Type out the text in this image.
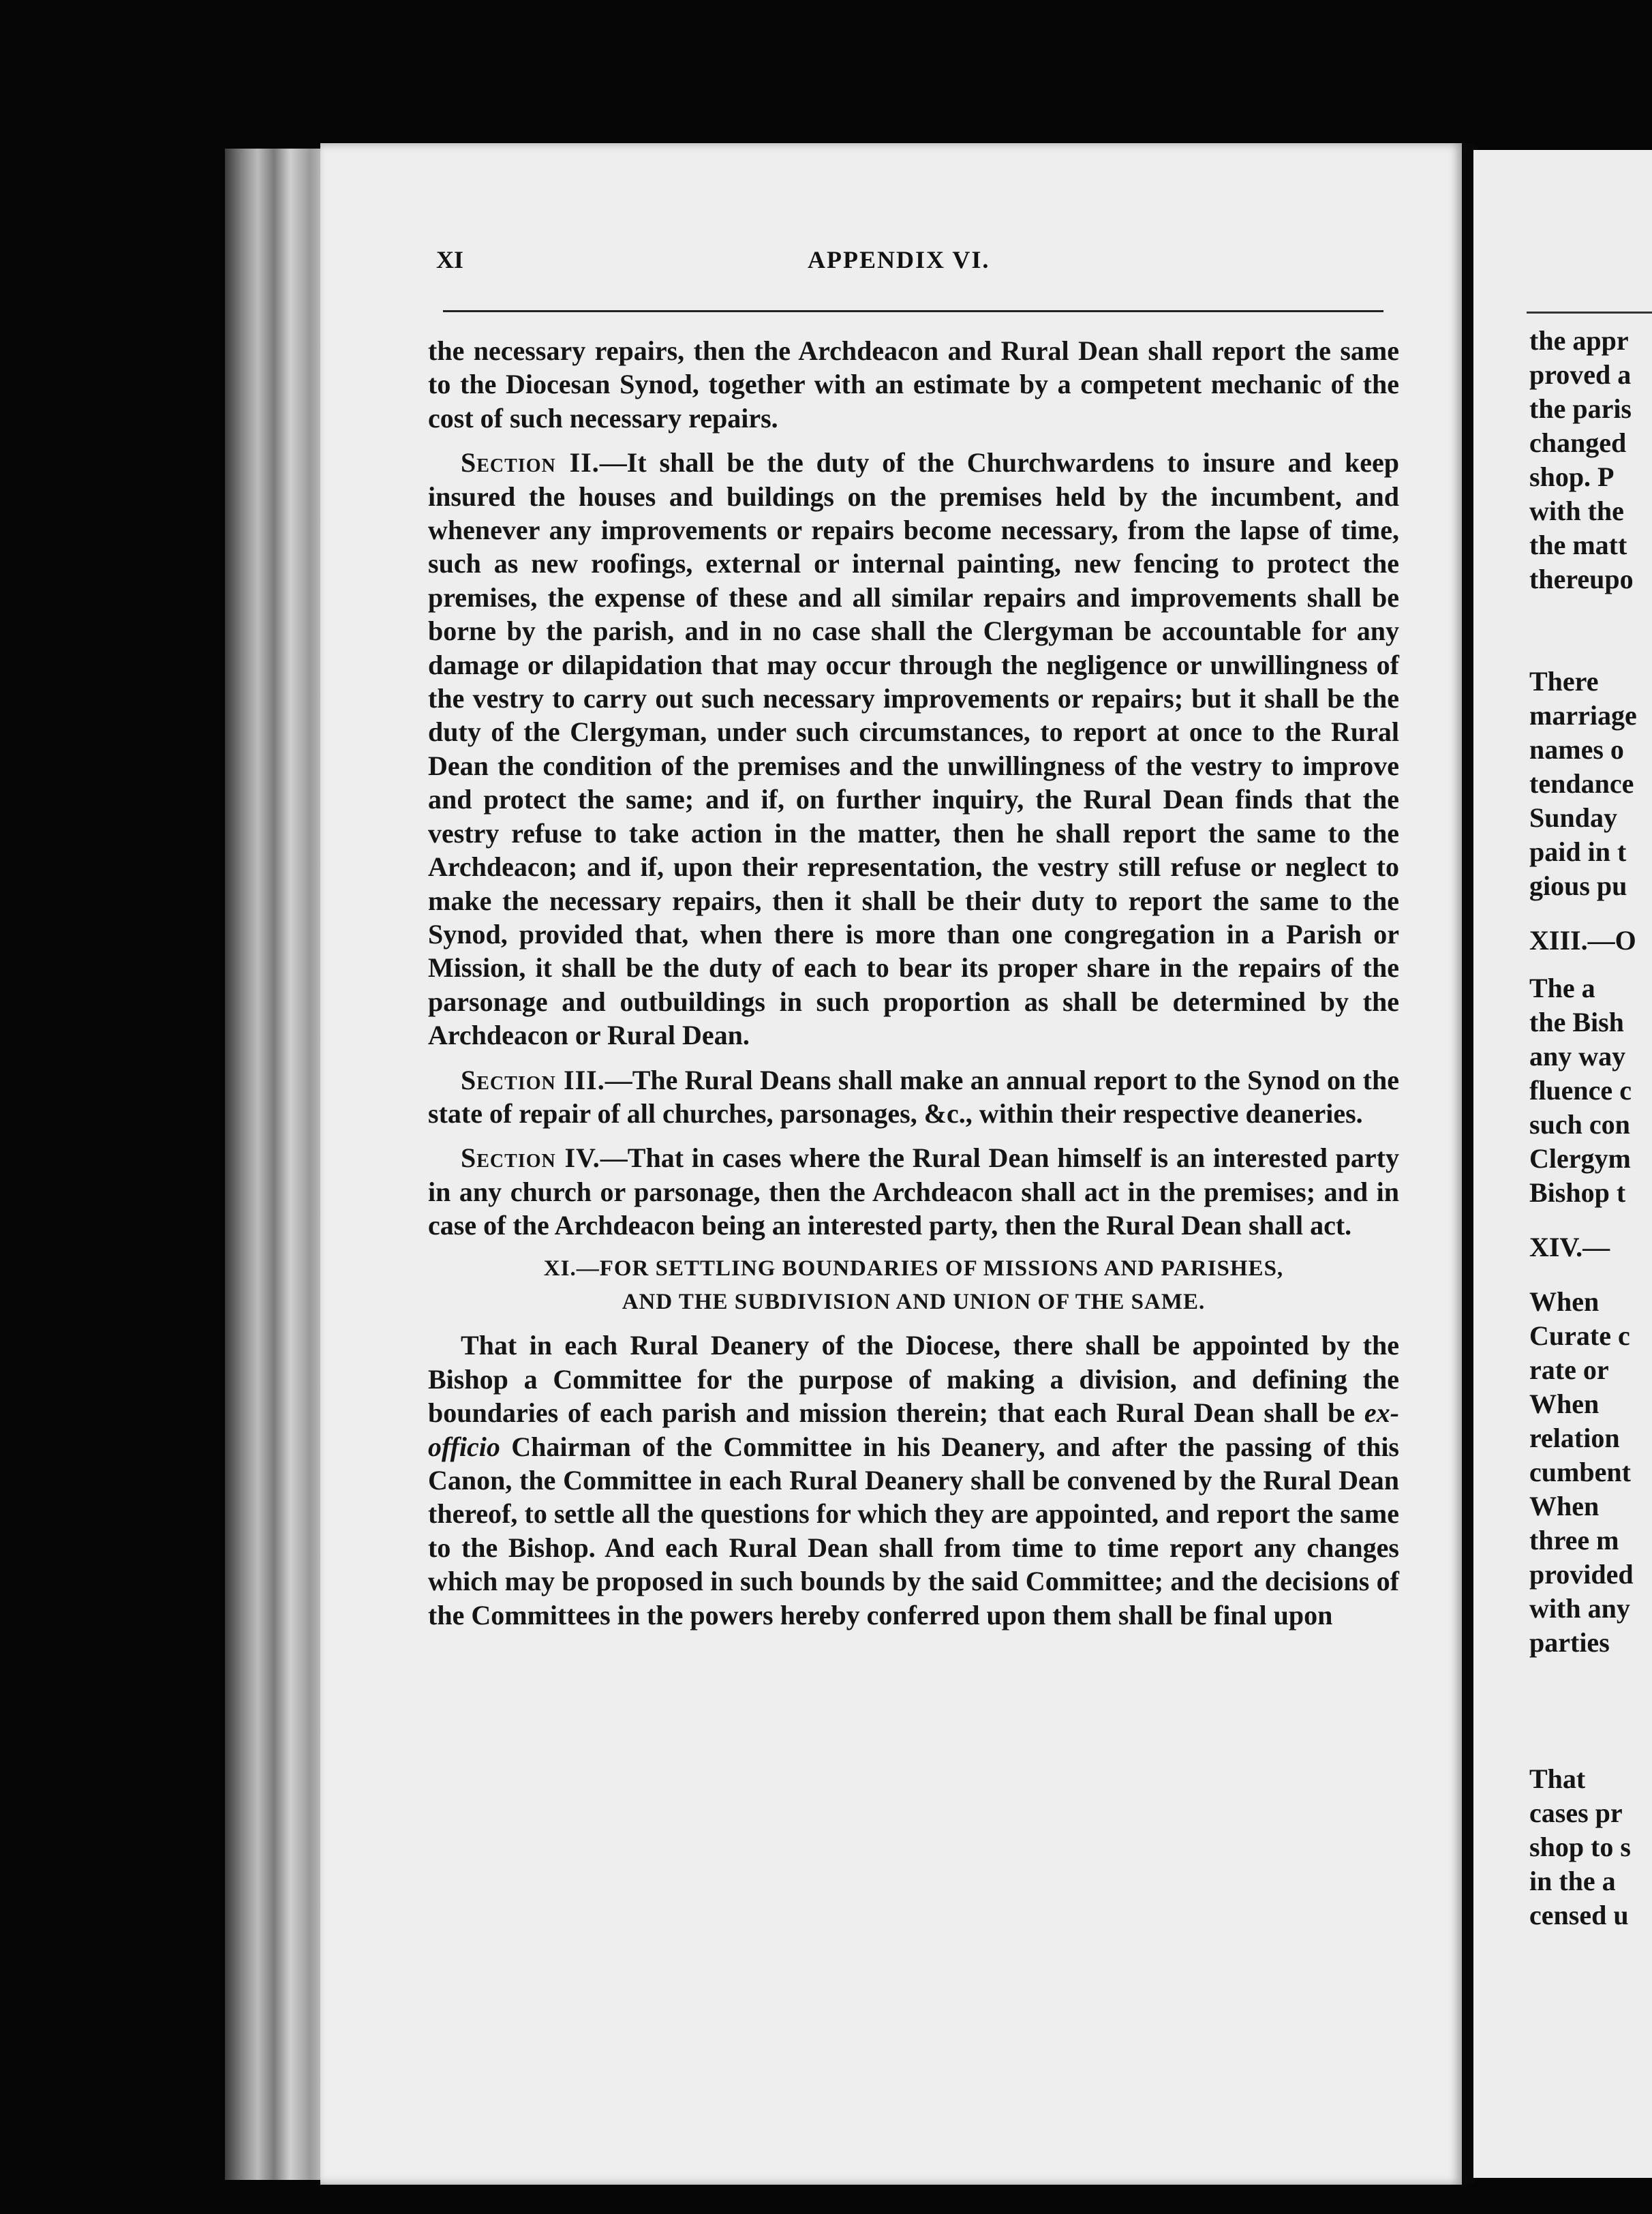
XI	APPENDIX VI.

the necessary repairs, then the Archdeacon and Rural Dean shall report the same to the Diocesan Synod, together with an estimate by a competent mechanic of the cost of such necessary repairs.

Section II.—It shall be the duty of the Churchwardens to insure and keep insured the houses and buildings on the premises held by the incumbent, and whenever any improvements or repairs become necessary, from the lapse of time, such as new roofings, external or internal painting, new fencing to protect the premises, the expense of these and all similar repairs and improvements shall be borne by the parish, and in no case shall the Clergyman be accountable for any damage or dilapidation that may occur through the negligence or unwillingness of the vestry to carry out such necessary improvements or repairs; but it shall be the duty of the Clergyman, under such circumstances, to report at once to the Rural Dean the condition of the premises and the unwillingness of the vestry to improve and protect the same; and if, on further inquiry, the Rural Dean finds that the vestry refuse to take action in the matter, then he shall report the same to the Archdeacon; and if, upon their representation, the vestry still refuse or neglect to make the necessary repairs, then it shall be their duty to report the same to the Synod, provided that, when there is more than one congregation in a Parish or Mission, it shall be the duty of each to bear its proper share in the repairs of the parsonage and outbuildings in such proportion as shall be determined by the Archdeacon or Rural Dean.

Section III.—The Rural Deans shall make an annual report to the Synod on the state of repair of all churches, parsonages, &c., within their respective deaneries.

Section IV.—That in cases where the Rural Dean himself is an interested party in any church or parsonage, then the Archdeacon shall act in the premises; and in case of the Archdeacon being an interested party, then the Rural Dean shall act.

XI.—FOR SETTLING BOUNDARIES OF MISSIONS AND PARISHES,
AND THE SUBDIVISION AND UNION OF THE SAME.

That in each Rural Deanery of the Diocese, there shall be appointed by the Bishop a Committee for the purpose of making a division, and defining the boundaries of each parish and mission therein; that each Rural Dean shall be ex-officio Chairman of the Committee in his Deanery, and after the passing of this Canon, the Committee in each Rural Deanery shall be convened by the Rural Dean thereof, to settle all the questions for which they are appointed, and report the same to the Bishop. And each Rural Dean shall from time to time report any changes which may be proposed in such bounds by the said Committee; and the decisions of the Committees in the powers hereby conferred upon them shall be final upon

the appr
proved a
the paris
changed
shop. P
with the
the matt
thereupo
There
marriage
names o
tendance
Sunday
paid in t
gious pu
XIII.—O
The a
the Bish
any way
fluence c
such con
Clergym
Bishop t
XIV.—
When
Curate c
rate or
When
relation
cumbent
When
three m
provided
with any
parties
That
cases pr
shop to s
in the a
censed u
